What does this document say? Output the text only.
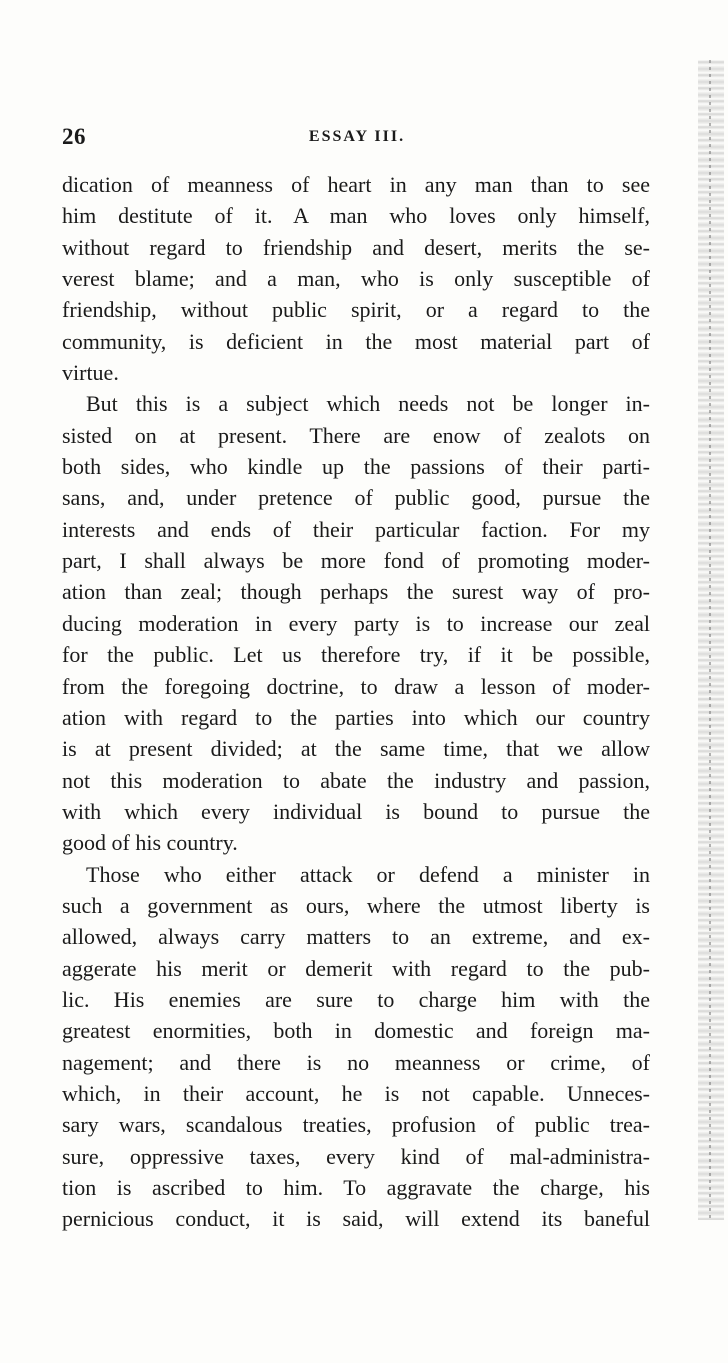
26	ESSAY III.
dication of meanness of heart in any man than to see
him destitute of it. A man who loves only himself,
without regard to friendship and desert, merits the se-
verest blame; and a man, who is only susceptible of
friendship, without public spirit, or a regard to the
community, is deficient in the most material part of
virtue.
But this is a subject which needs not be longer in-
sisted on at present. There are enow of zealots on
both sides, who kindle up the passions of their parti-
sans, and, under pretence of public good, pursue the
interests and ends of their particular faction. For my
part, I shall always be more fond of promoting moder-
ation than zeal; though perhaps the surest way of pro-
ducing moderation in every party is to increase our zeal
for the public. Let us therefore try, if it be possible,
from the foregoing doctrine, to draw a lesson of moder-
ation with regard to the parties into which our country
is at present divided; at the same time, that we allow
not this moderation to abate the industry and passion,
with which every individual is bound to pursue the
good of his country.
Those who either attack or defend a minister in
such a government as ours, where the utmost liberty is
allowed, always carry matters to an extreme, and ex-
aggerate his merit or demerit with regard to the pub-
lic. His enemies are sure to charge him with the
greatest enormities, both in domestic and foreign ma-
nagement; and there is no meanness or crime, of
which, in their account, he is not capable. Unneces-
sary wars, scandalous treaties, profusion of public trea-
sure, oppressive taxes, every kind of mal-administra-
tion is ascribed to him. To aggravate the charge, his
pernicious conduct, it is said, will extend its baneful
